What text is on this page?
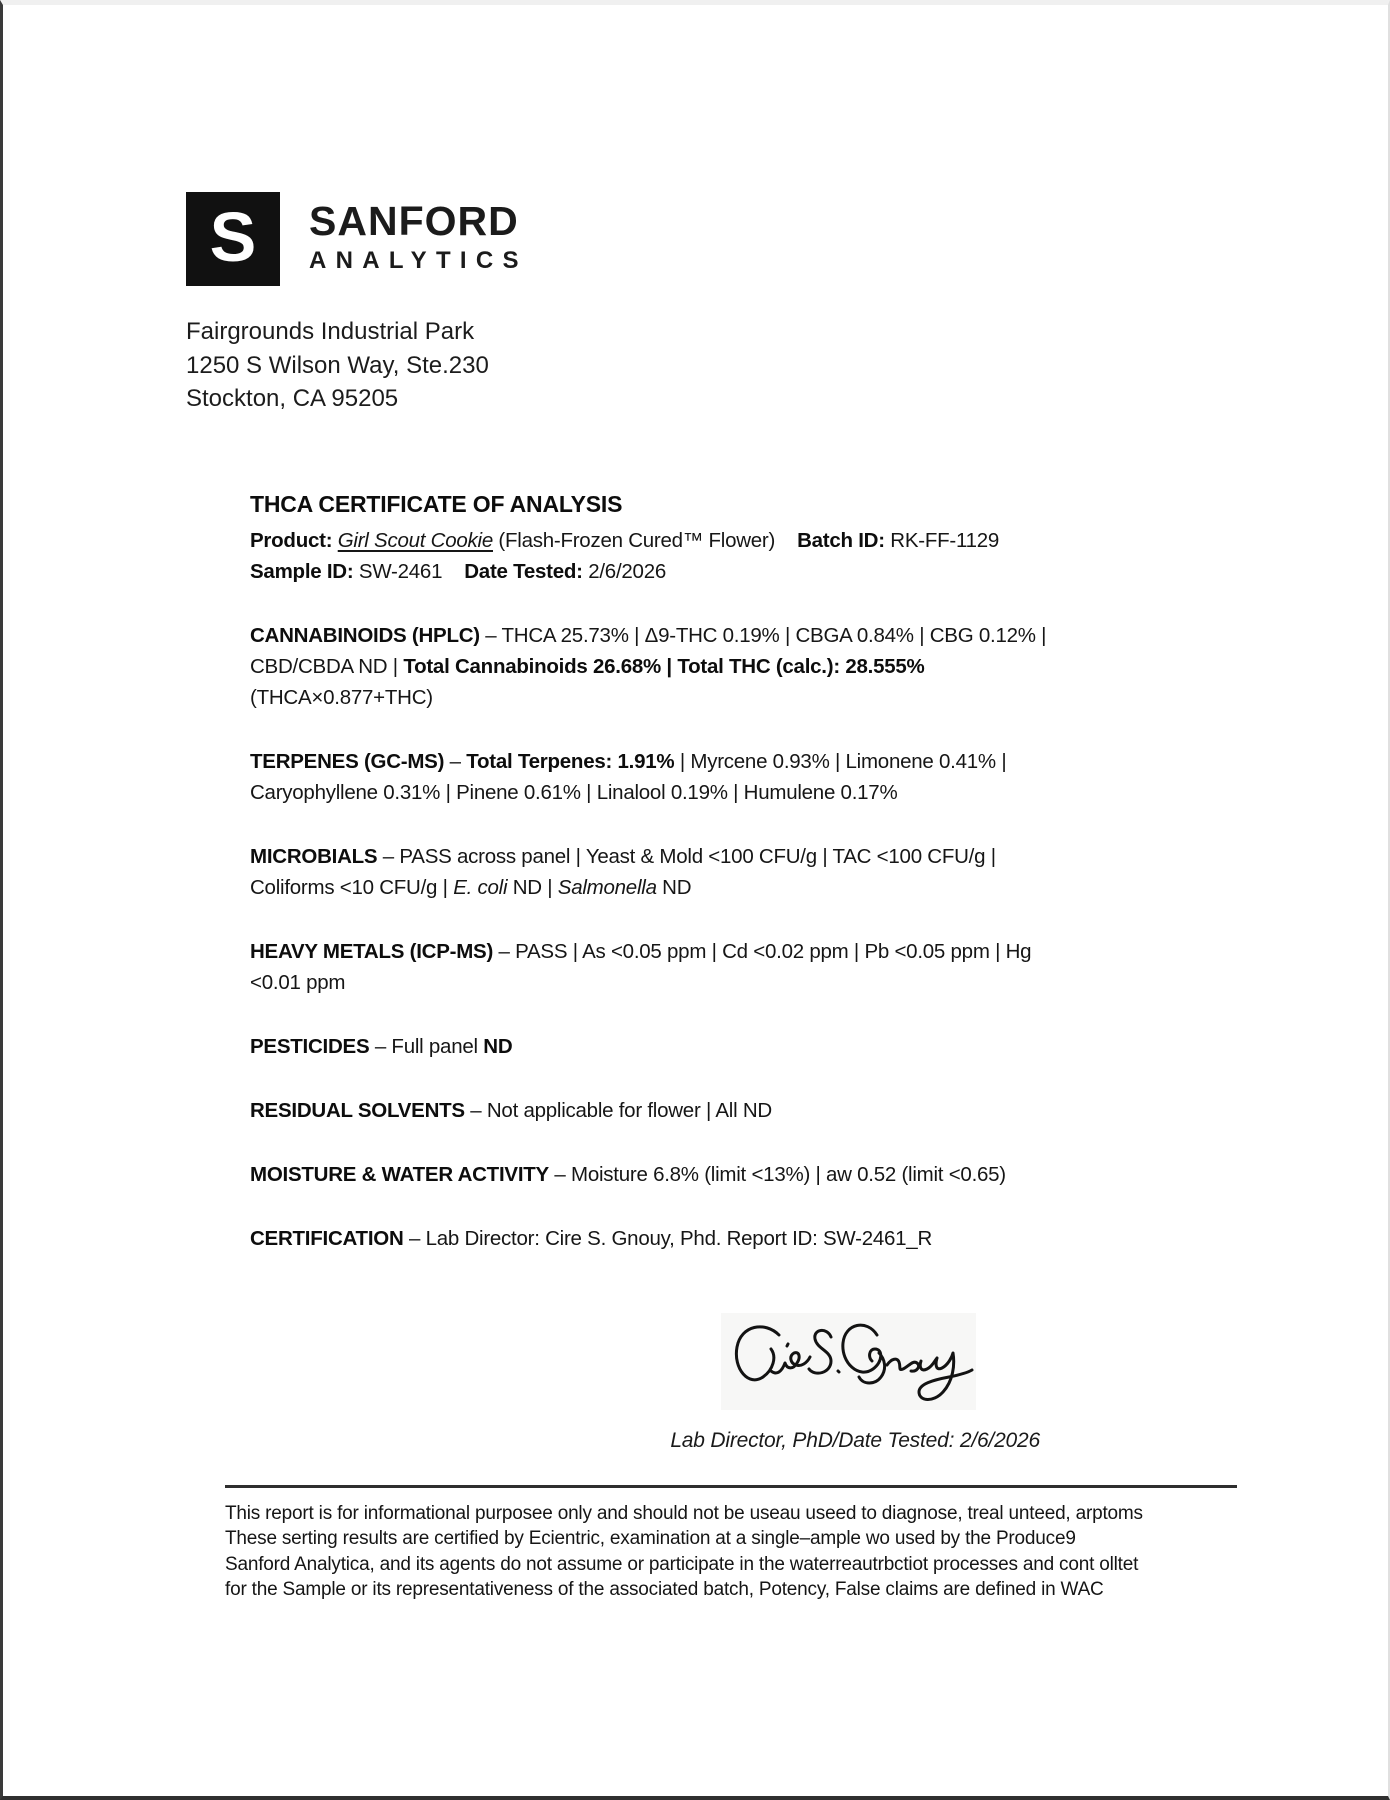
S SANFORD
ANALYTICS
Fairgrounds Industrial Park
1250 S Wilson Way, Ste.230
Stockton, CA 95205
THCA CERTIFICATE OF ANALYSIS

Product: Girl Scout Cookie (Flash-Frozen Cured™ Flower) Batch ID: RK-FF-1129

Sample ID: SW-2461 Date Tested: 2/6/2026

CANNABINOIDS (HPLC) – THCA 25.73% | Δ9-THC 0.19% | CBGA 0.84% | CBG 0.12% | CBD/CBDA ND | Total Cannabinoids 26.68% | Total THC (calc.): 28.555% (THCA×0.877+THC)

TERPENES (GC-MS) – Total Terpenes: 1.91% | Myrcene 0.93% | Limonene 0.41% | Caryophyllene 0.31% | Pinene 0.61% | Linalool 0.19% | Humulene 0.17%

MICROBIALS – PASS across panel | Yeast & Mold <100 CFU/g | TAC <100 CFU/g | Coliforms <10 CFU/g | E. coli ND | Salmonella ND

HEAVY METALS (ICP-MS) – PASS | As <0.05 ppm | Cd <0.02 ppm | Pb <0.05 ppm | Hg <0.01 ppm

PESTICIDES – Full panel ND

RESIDUAL SOLVENTS – Not applicable for flower | All ND

MOISTURE & WATER ACTIVITY – Moisture 6.8% (limit <13%) | aw 0.52 (limit <0.65)

CERTIFICATION – Lab Director: Cire S. Gnouy, Phd. Report ID: SW-2461_R

Lab Director, PhD/Date Tested: 2/6/2026
This report is for informational purposee only and should not be useau useed to diagnose, treal unteed, arptoms
These serting results are certified by Ecientric, examination at a single–ample wo used by the Produce9
Sanford Analytica, and its agents do not assume or participate in the waterreautrbctiot processes and cont olltet
for the Sample or its representativeness of the associated batch, Potency, False claims are defined in WAC
